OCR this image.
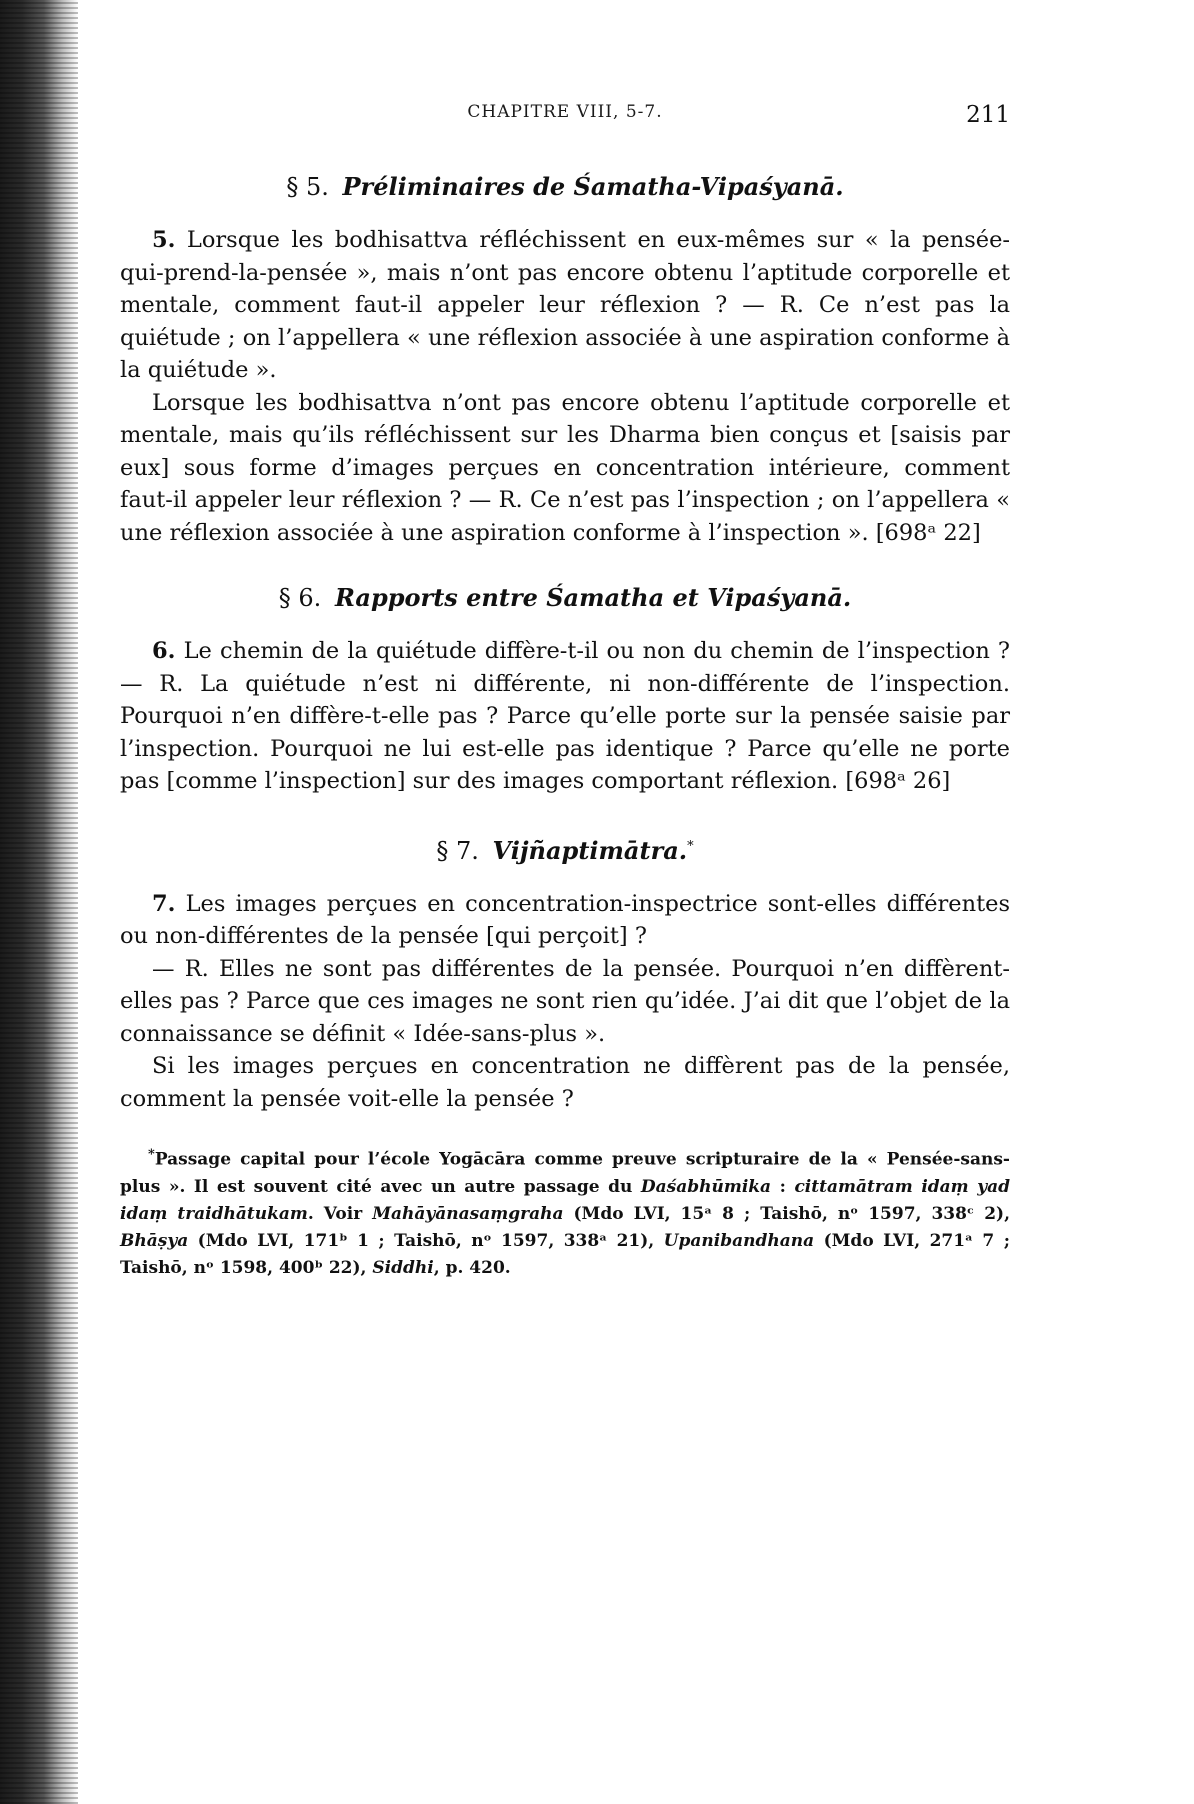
CHAPITRE VIII, 5-7.	211
§ 5. Préliminaires de Śamatha-Vipaśyanā.

5. Lorsque les bodhisattva réfléchissent en eux-mêmes sur « la pensée-qui-prend-la-pensée », mais n’ont pas encore obtenu l’aptitude corporelle et mentale, comment faut-il appeler leur réflexion ? — R. Ce n’est pas la quiétude ; on l’appellera « une réflexion associée à une aspiration conforme à la quiétude ».

Lorsque les bodhisattva n’ont pas encore obtenu l’aptitude corporelle et mentale, mais qu’ils réfléchissent sur les Dharma bien conçus et [saisis par eux] sous forme d’images perçues en concentration intérieure, comment faut-il appeler leur réflexion ? — R. Ce n’est pas l’inspection ; on l’appellera « une réflexion associée à une aspiration conforme à l’inspection ». [698ᵃ 22]

§ 6. Rapports entre Śamatha et Vipaśyanā.

6. Le chemin de la quiétude diffère-t-il ou non du chemin de l’inspection ? — R. La quiétude n’est ni différente, ni non-différente de l’inspection. Pourquoi n’en diffère-t-elle pas ? Parce qu’elle porte sur la pensée saisie par l’inspection. Pourquoi ne lui est-elle pas identique ? Parce qu’elle ne porte pas [comme l’inspection] sur des images comportant réflexion. [698ᵃ 26]

§ 7. Vijñaptimātra.*

7. Les images perçues en concentration-inspectrice sont-elles différentes ou non-différentes de la pensée [qui perçoit] ?

— R. Elles ne sont pas différentes de la pensée. Pourquoi n’en diffèrent-elles pas ? Parce que ces images ne sont rien qu’idée. J’ai dit que l’objet de la connaissance se définit « Idée-sans-plus ».

Si les images perçues en concentration ne diffèrent pas de la pensée, comment la pensée voit-elle la pensée ?

*Passage capital pour l’école Yogācāra comme preuve scripturaire de la « Pensée-sans-plus ». Il est souvent cité avec un autre passage du Daśabhūmika : cittamātram idaṃ yad idaṃ traidhātukam. Voir Mahāyānasaṃgraha (Mdo LVI, 15ᵃ 8 ; Taishō, nᵒ 1597, 338ᶜ 2), Bhāṣya (Mdo LVI, 171ᵇ 1 ; Taishō, nᵒ 1597, 338ᵃ 21), Upanibandhana (Mdo LVI, 271ᵃ 7 ; Taishō, nᵒ 1598, 400ᵇ 22), Siddhi, p. 420.
